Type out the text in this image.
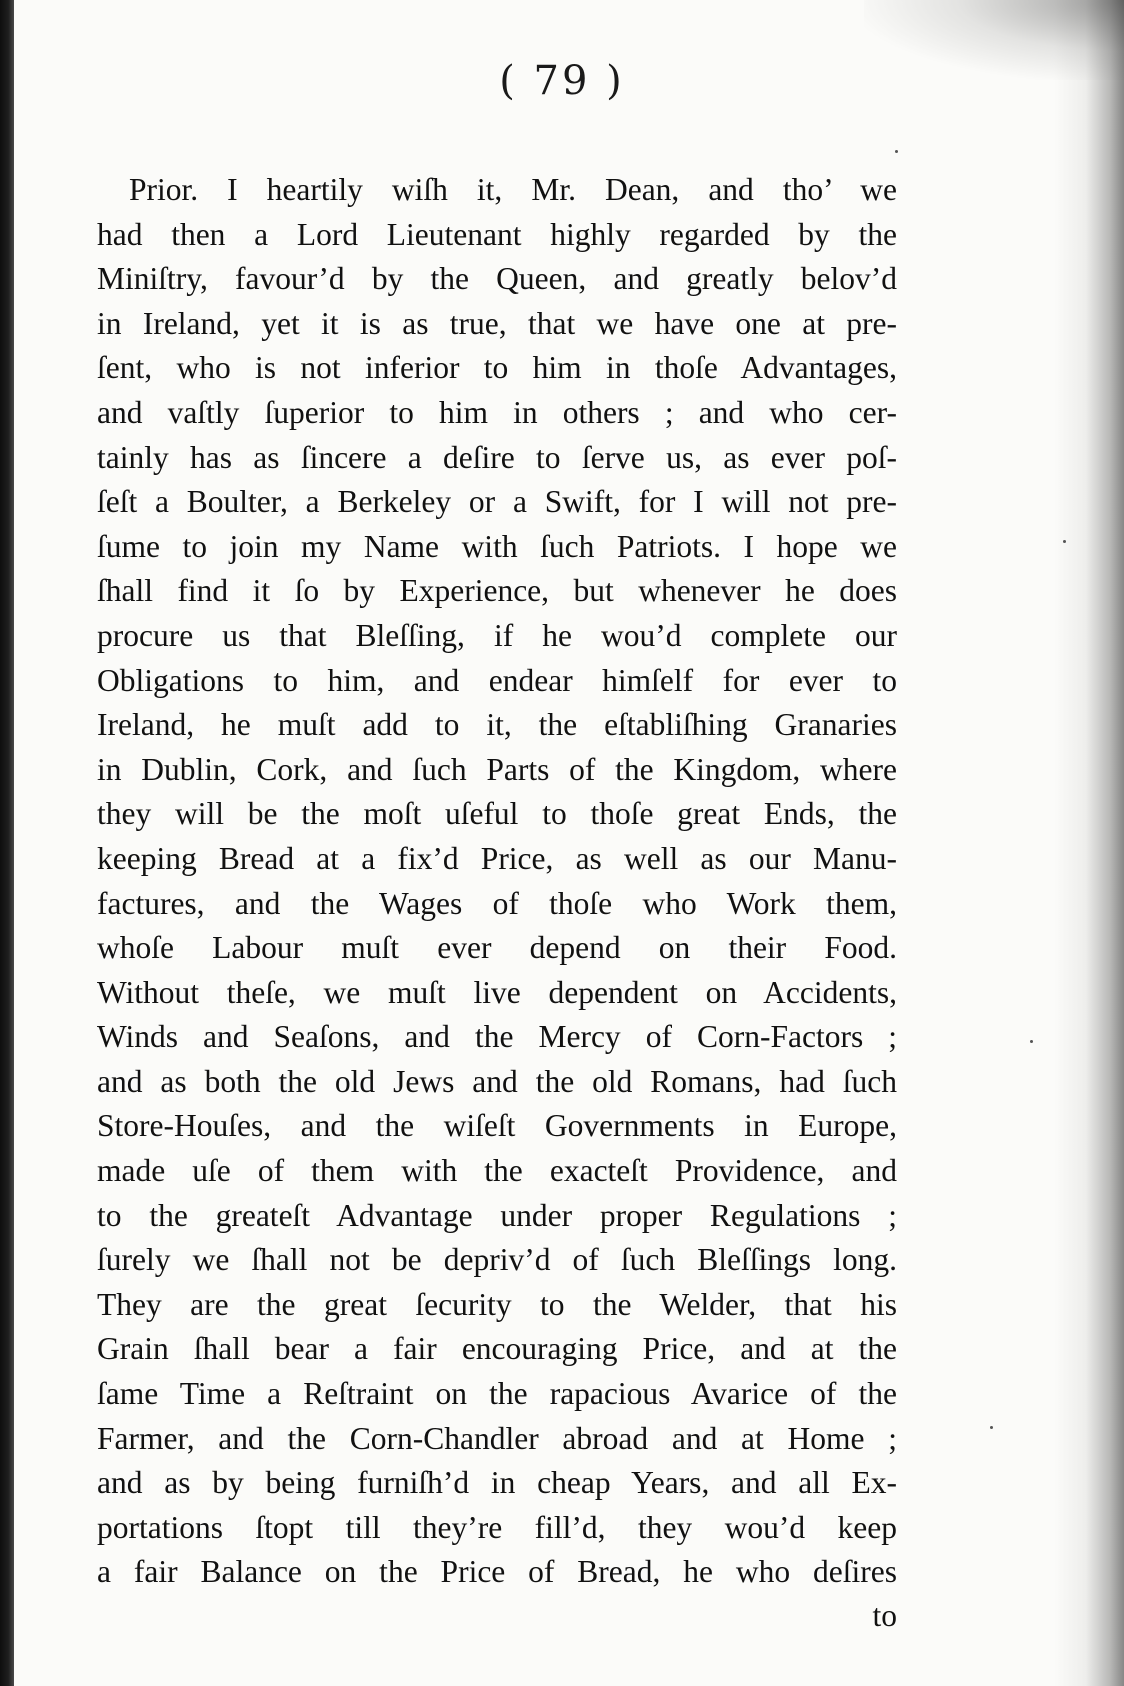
( 79 )
Prior. I heartily wiſh it, Mr. Dean, and tho’ we
had then a Lord Lieutenant highly regarded by the
Miniſtry, favour’d by the Queen, and greatly belov’d
in Ireland, yet it is as true, that we have one at pre-
ſent, who is not inferior to him in thoſe Advantages,
and vaſtly ſuperior to him in others ; and who cer-
tainly has as ſincere a deſire to ſerve us, as ever poſ-
ſeſt a Boulter, a Berkeley or a Swift, for I will not pre-
ſume to join my Name with ſuch Patriots. I hope we
ſhall find it ſo by Experience, but whenever he does
procure us that Bleſſing, if he wou’d complete our
Obligations to him, and endear himſelf for ever to
Ireland, he muſt add to it, the eſtabliſhing Granaries
in Dublin, Cork, and ſuch Parts of the Kingdom, where
they will be the moſt uſeful to thoſe great Ends, the
keeping Bread at a fix’d Price, as well as our Manu-
factures, and the Wages of thoſe who Work them,
whoſe Labour muſt ever depend on their Food.
Without theſe, we muſt live dependent on Accidents,
Winds and Seaſons, and the Mercy of Corn-Factors ;
and as both the old Jews and the old Romans, had ſuch
Store-Houſes, and the wiſeſt Governments in Europe,
made uſe of them with the exacteſt Providence, and
to the greateſt Advantage under proper Regulations ;
ſurely we ſhall not be depriv’d of ſuch Bleſſings long.
They are the great ſecurity to the Welder, that his
Grain ſhall bear a fair encouraging Price, and at the
ſame Time a Reſtraint on the rapacious Avarice of the
Farmer, and the Corn-Chandler abroad and at Home ;
and as by being furniſh’d in cheap Years, and all Ex-
portations ſtopt till they’re fill’d, they wou’d keep
a fair Balance on the Price of Bread, he who deſires
to
